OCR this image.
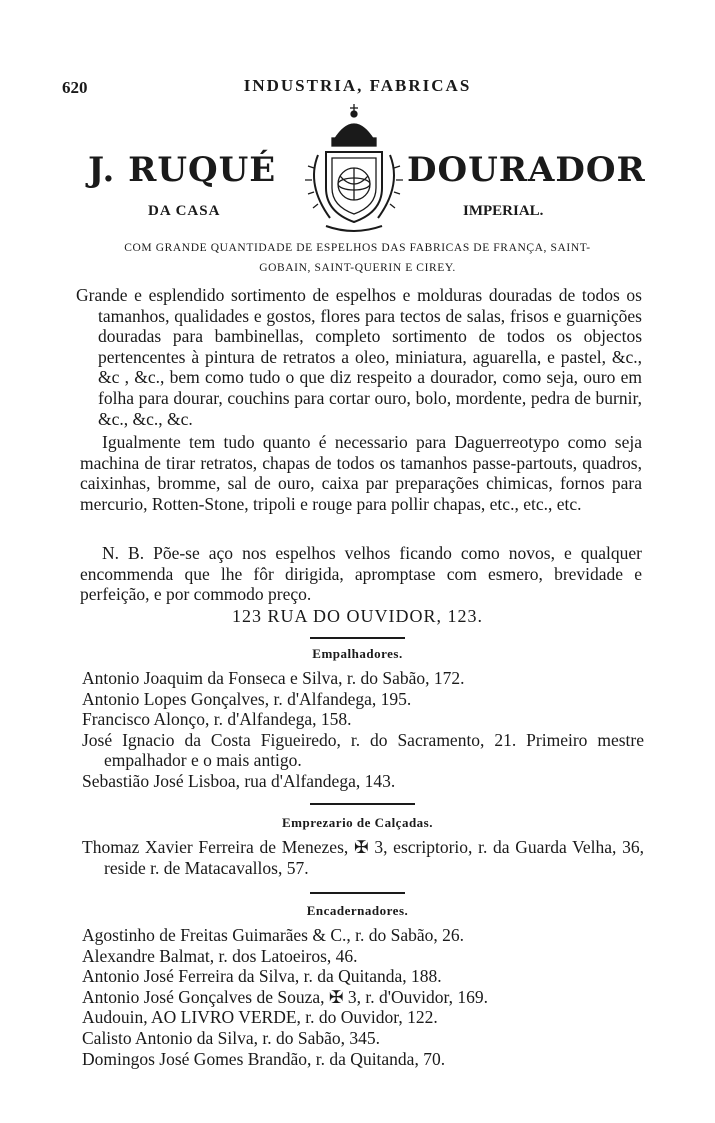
620	INDUSTRIA, FABRICAS
J. RUQUÉ	DOURADOR
DA CASA	IMPERIAL.
COM GRANDE QUANTIDADE DE ESPELHOS DAS FABRICAS DE FRANÇA, SAINT-
GOBAIN, SAINT-QUERIN E CIREY.
Grande e esplendido sortimento de espelhos e molduras douradas de todos os tamanhos, qualidades e gostos, flores para tectos de salas, frisos e guarnições douradas para bambinellas, completo sortimento de todos os objectos pertencentes à pintura de retratos a oleo, miniatura, aguarella, e pastel, &c., &c , &c., bem como tudo o que diz respeito a dourador, como seja, ouro em folha para dourar, couchins para cortar ouro, bolo, mordente, pedra de burnir, &c., &c., &c.
Igualmente tem tudo quanto é necessario para Daguerreotypo como seja machina de tirar retratos, chapas de todos os tamanhos passe-partouts, quadros, caixinhas, bromme, sal de ouro, caixa par preparações chimicas, fornos para mercurio, Rotten-Stone, tripoli e rouge para pollir chapas, etc., etc., etc.
N. B. Põe-se aço nos espelhos velhos ficando como novos, e qualquer encommenda que lhe fôr dirigida, apromptase com esmero, brevidade e perfeição, e por commodo preço.
123 RUA DO OUVIDOR, 123.
Empalhadores.

Antonio Joaquim da Fonseca e Silva, r. do Sabão, 172.

Antonio Lopes Gonçalves, r. d'Alfandega, 195.

Francisco Alonço, r. d'Alfandega, 158.

José Ignacio da Costa Figueiredo, r. do Sacramento, 21. Primeiro mestre empalhador e o mais antigo.

Sebastião José Lisboa, rua d'Alfandega, 143.

Emprezario de Calçadas.

Thomaz Xavier Ferreira de Menezes, ✠ 3, escriptorio, r. da Guarda Velha, 36, reside r. de Matacavallos, 57.

Encadernadores.

Agostinho de Freitas Guimarães & C., r. do Sabão, 26.

Alexandre Balmat, r. dos Latoeiros, 46.

Antonio José Ferreira da Silva, r. da Quitanda, 188.

Antonio José Gonçalves de Souza, ✠ 3, r. d'Ouvidor, 169.

Audouin, AO LIVRO VERDE, r. do Ouvidor, 122.

Calisto Antonio da Silva, r. do Sabão, 345.

Domingos José Gomes Brandão, r. da Quitanda, 70.
